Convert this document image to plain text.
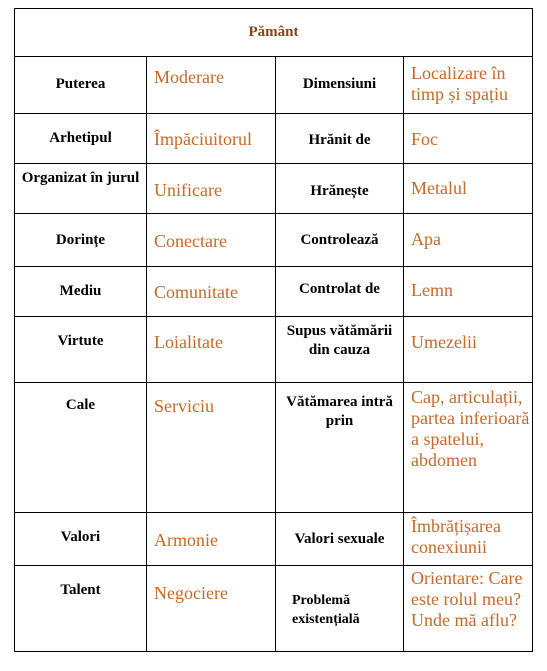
Pământ			

Puterea	Moderare	Dimensiuni	Localizare în timp și spațiu

Arhetipul	Împăciuitorul	Hrănit de	Foc

Organizat în jurul	Unificare	Hrănește	Metalul

Dorințe	Conectare	Controlează	Apa

Mediu	Comunitate	Controlat de	Lemn

Virtute	Loialitate	Supus vătămării din cauza	Umezelii

Cale	Serviciu	Vătămarea intră prin	Cap, articulații, partea inferioară a spatelui, abdomen

Valori	Armonie	Valori sexuale	Îmbrățișarea conexiunii

Talent	Negociere	Problemă existențială	Orientare: Care este rolul meu? Unde mă aflu?
